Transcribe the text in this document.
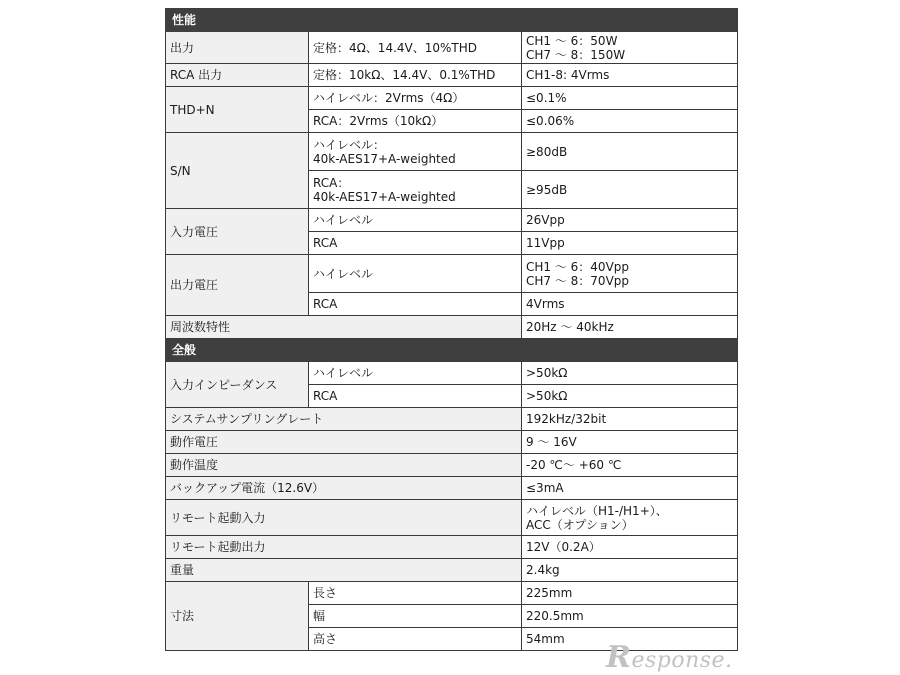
性能		
出力	定格：4Ω、14.4V、10%THD	CH1 ～ 6：50W
CH7 ～ 8：150W

RCA 出力	定格：10kΩ、14.4V、0.1%THD	CH1-8: 4Vrms
THD+N	ハイレベル：2Vrms（4Ω）	≤0.1%
	RCA：2Vrms（10kΩ）	≤0.06%
S/N	ハイレベル：
40k-AES17+A-weighted	≥80dB

	RCA：
40k-AES17+A-weighted	≥95dB
入力電圧	ハイレベル	26Vpp
	RCA	11Vpp
出力電圧	ハイレベル	CH1 ～ 6：40Vpp
CH7 ～ 8：70Vpp

	RCA	4Vrms
周波数特性		20Hz ～ 40kHz
全般		
入力インピーダンス	ハイレベル	>50kΩ
	RCA	>50kΩ
システムサンプリングレート		192kHz/32bit
動作電圧		9 ～ 16V
動作温度		-20 ℃～ +60 ℃
バックアップ電流（12.6V）		≤3mA
リモート起動入力		ハイレベル（H1-/H1+）、
ACC（オプション）

リモート起動出力		12V（0.2A）
重量		2.4kg
寸法	長さ	225mm
	幅	220.5mm
	高さ	54mm
Response.
